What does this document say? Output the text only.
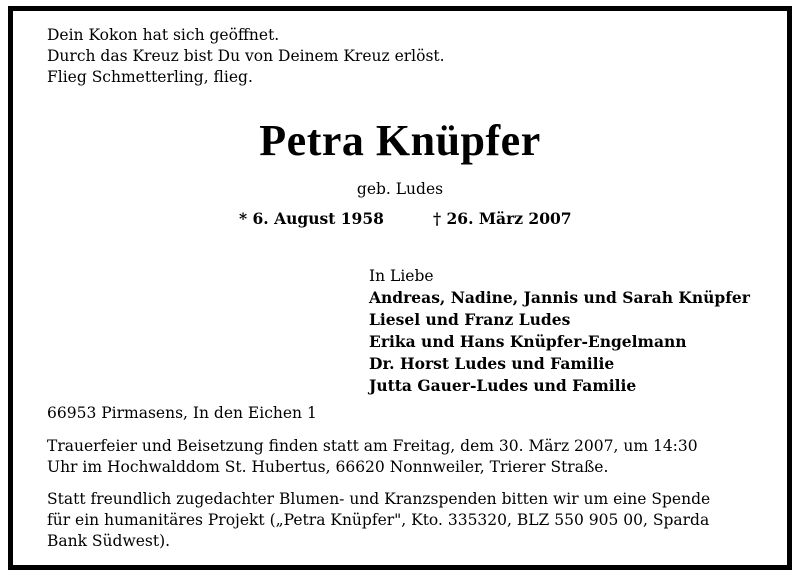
Dein Kokon hat sich geöffnet.
Durch das Kreuz bist Du von Deinem Kreuz erlöst.
Flieg Schmetterling, flieg.
Petra Knüpfer
geb. Ludes
* 6. August 1958	† 26. März 2007
In Liebe
Andreas, Nadine, Jannis und Sarah Knüpfer
Liesel und Franz Ludes
Erika und Hans Knüpfer-Engelmann
Dr. Horst Ludes und Familie
Jutta Gauer-Ludes und Familie
66953 Pirmasens, In den Eichen 1
Trauerfeier und Beisetzung finden statt am Freitag, dem 30. März 2007, um 14:30
Uhr im Hochwalddom St. Hubertus, 66620 Nonnweiler, Trierer Straße.
Statt freundlich zugedachter Blumen- und Kranzspenden bitten wir um eine Spende
für ein humanitäres Projekt („Petra Knüpfer", Kto. 335320, BLZ 550 905 00, Sparda
Bank Südwest).
